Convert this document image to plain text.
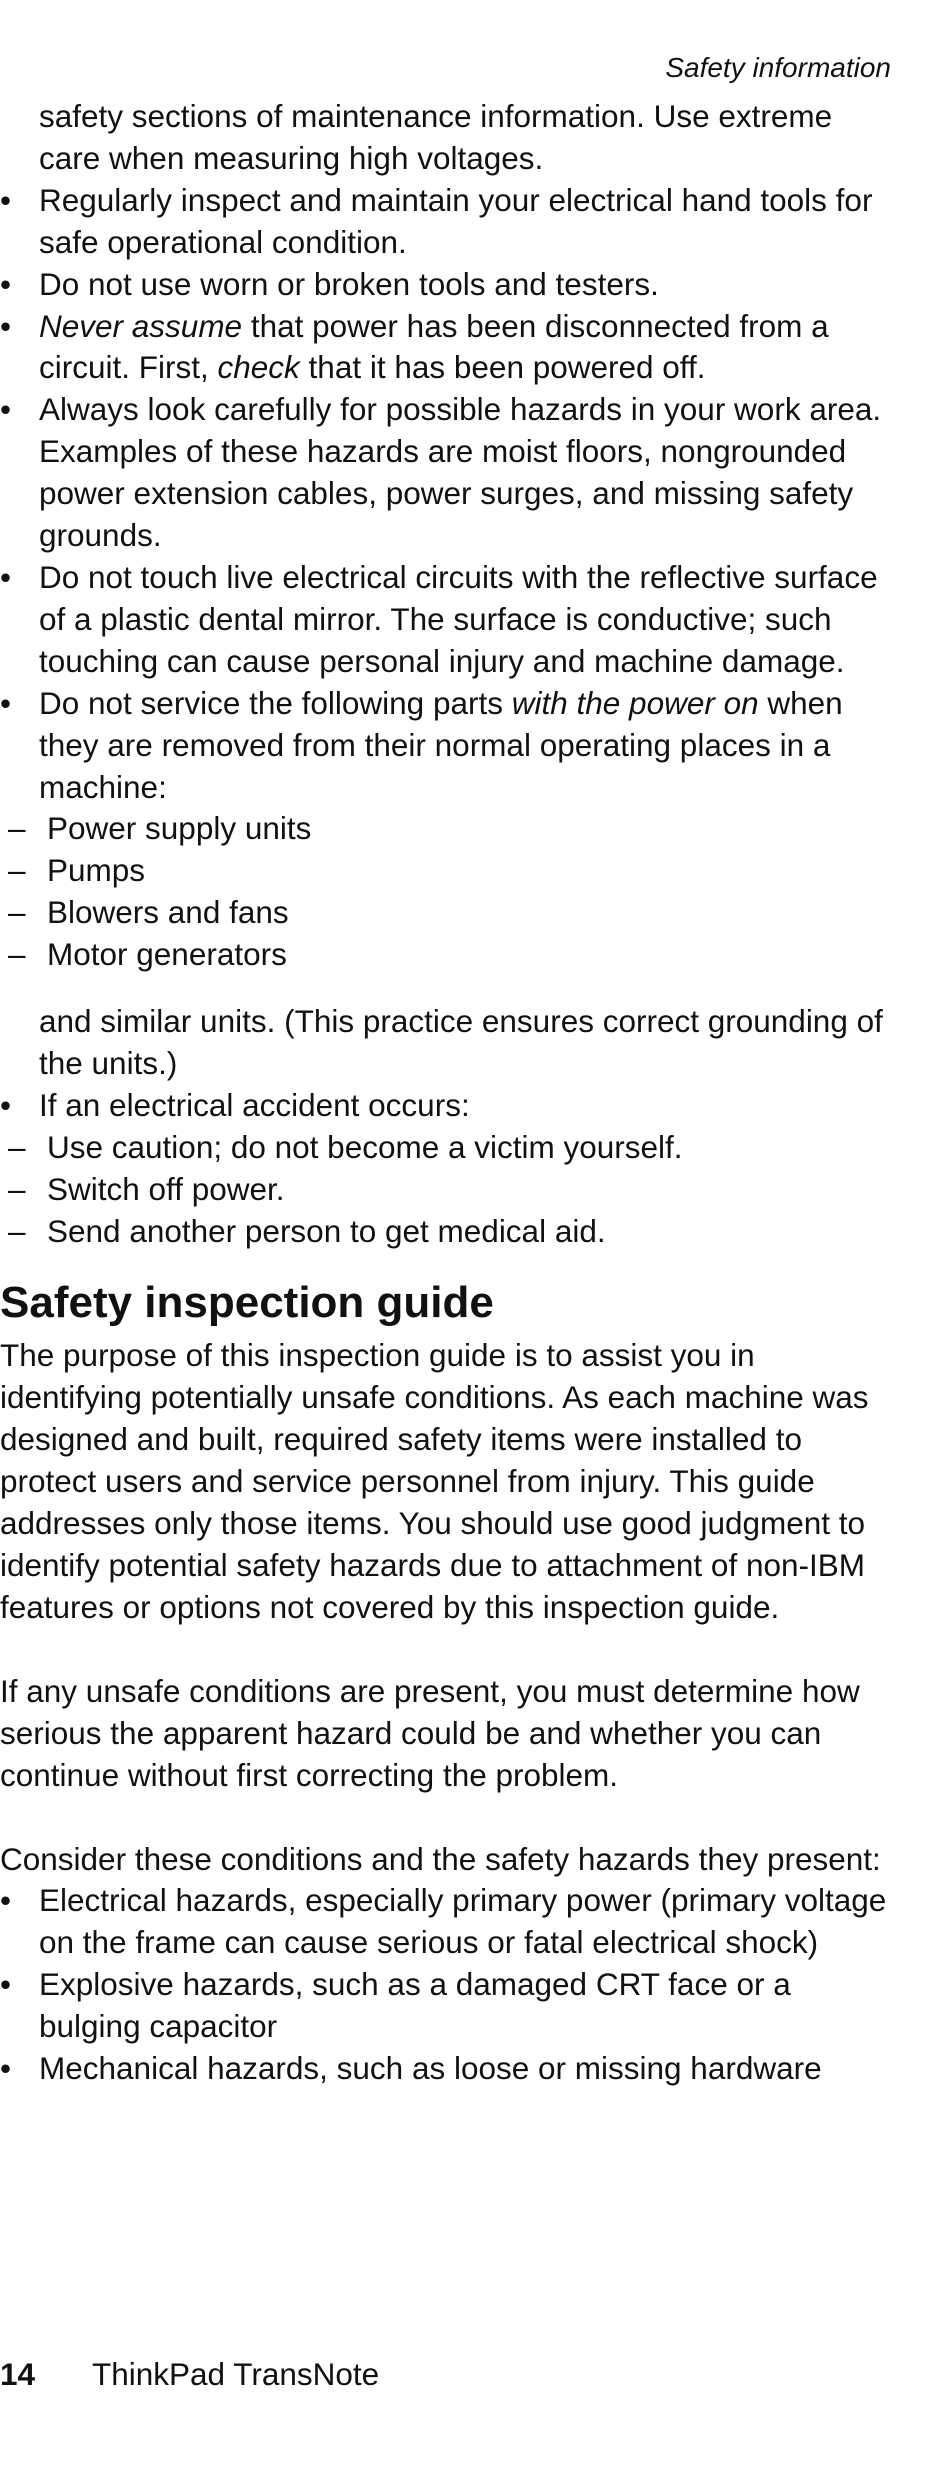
Safety information

safety sections of maintenance information. Use extreme care when measuring high voltages.

• Regularly inspect and maintain your electrical hand tools for safe operational condition.
• Do not use worn or broken tools and testers.
• Never assume that power has been disconnected from a circuit. First, check that it has been powered off.
• Always look carefully for possible hazards in your work area. Examples of these hazards are moist floors, nongrounded power extension cables, power surges, and missing safety grounds.
• Do not touch live electrical circuits with the reflective surface of a plastic dental mirror. The surface is conductive; such touching can cause personal injury and machine damage.
• Do not service the following parts with the power on when they are removed from their normal operating places in a machine:
– Power supply units
– Pumps
– Blowers and fans
– Motor generators

and similar units. (This practice ensures correct grounding of the units.)

• If an electrical accident occurs:
– Use caution; do not become a victim yourself.
– Switch off power.
– Send another person to get medical aid.
Safety inspection guide

The purpose of this inspection guide is to assist you in identifying potentially unsafe conditions. As each machine was designed and built, required safety items were installed to protect users and service personnel from injury. This guide addresses only those items. You should use good judgment to identify potential safety hazards due to attachment of non-IBM features or options not covered by this inspection guide.

If any unsafe conditions are present, you must determine how serious the apparent hazard could be and whether you can continue without first correcting the problem.

Consider these conditions and the safety hazards they present:

• Electrical hazards, especially primary power (primary voltage on the frame can cause serious or fatal electrical shock)
• Explosive hazards, such as a damaged CRT face or a bulging capacitor
• Mechanical hazards, such as loose or missing hardware
14 ThinkPad TransNote
